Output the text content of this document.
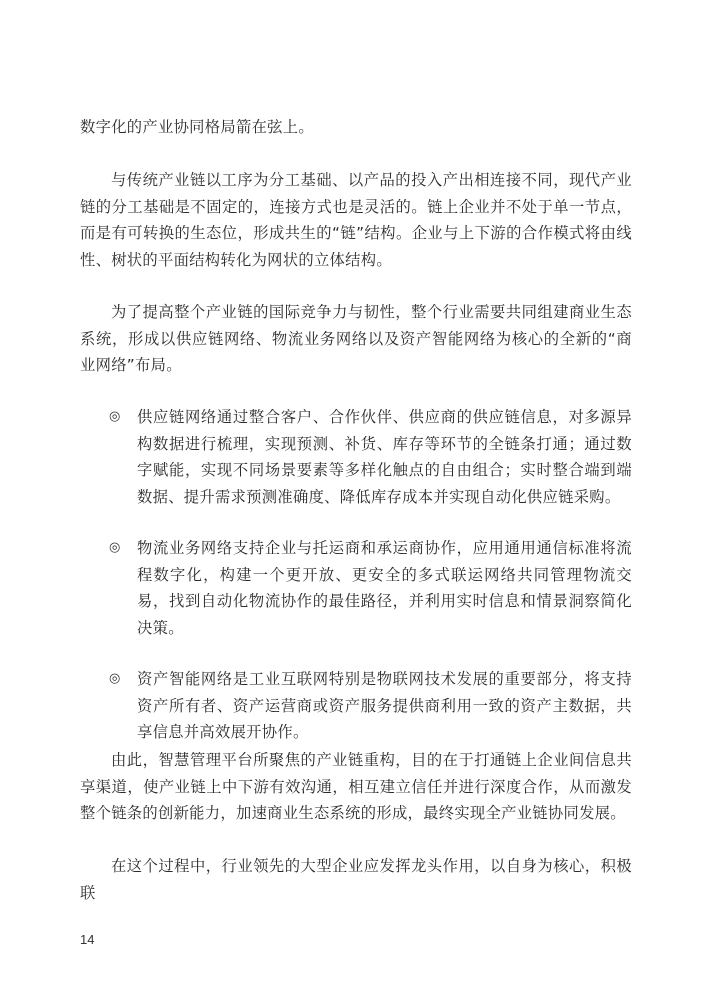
数字化的产业协同格局箭在弦上。

与传统产业链以工序为分工基础、以产品的投入产出相连接不同，现代产业链的分工基础是不固定的，连接方式也是灵活的。链上企业并不处于单一节点，而是有可转换的生态位，形成共生的“链”结构。企业与上下游的合作模式将由线性、树状的平面结构转化为网状的立体结构。

为了提高整个产业链的国际竞争力与韧性，整个行业需要共同组建商业生态系统，形成以供应链网络、物流业务网络以及资产智能网络为核心的全新的“商业网络”布局。

◎	供应链网络通过整合客户、合作伙伴、供应商的供应链信息，对多源异构数据进行梳理，实现预测、补货、库存等环节的全链条打通；通过数字赋能，实现不同场景要素等多样化触点的自由组合；实时整合端到端数据、提升需求预测准确度、降低库存成本并实现自动化供应链采购。
◎	物流业务网络支持企业与托运商和承运商协作，应用通用通信标准将流程数字化，构建一个更开放、更安全的多式联运网络共同管理物流交易，找到自动化物流协作的最佳路径，并利用实时信息和情景洞察简化决策。
◎	资产智能网络是工业互联网特别是物联网技术发展的重要部分，将支持资产所有者、资产运营商或资产服务提供商利用一致的资产主数据，共享信息并高效展开协作。

由此，智慧管理平台所聚焦的产业链重构，目的在于打通链上企业间信息共享渠道，使产业链上中下游有效沟通，相互建立信任并进行深度合作，从而激发整个链条的创新能力，加速商业生态系统的形成，最终实现全产业链协同发展。

在这个过程中，行业领先的大型企业应发挥龙头作用，以自身为核心，积极联

14
